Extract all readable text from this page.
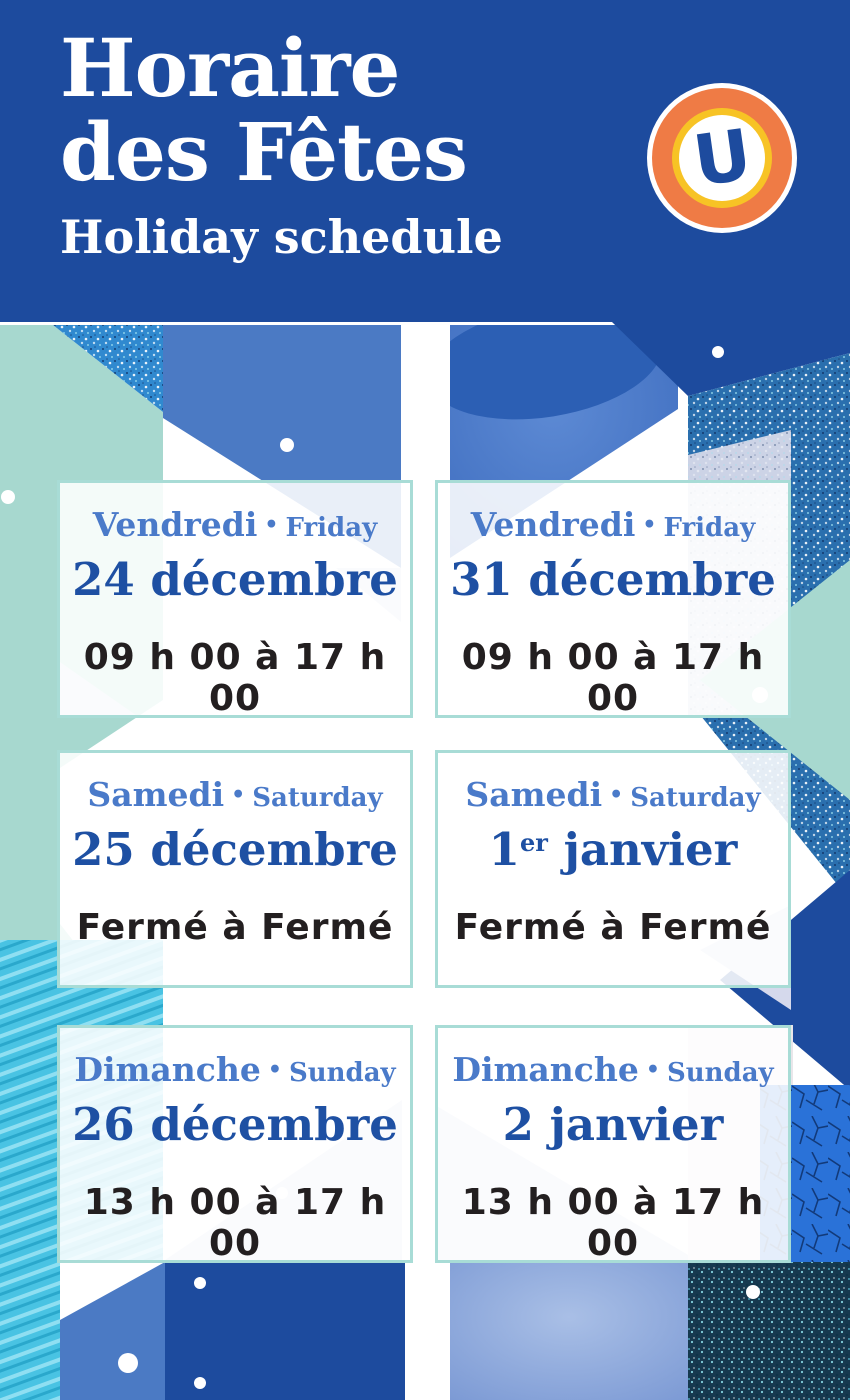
Horaire
des Fêtes
Holiday schedule
U
Vendredi • Friday
24 décembre
09 h 00 à 17 h 00
Vendredi • Friday
31 décembre
09 h 00 à 17 h 00
Samedi • Saturday
25 décembre
Fermé à Fermé
Samedi • Saturday
1er janvier
Fermé à Fermé
Dimanche • Sunday
26 décembre
13 h 00 à 17 h 00
Dimanche • Sunday
2 janvier
13 h 00 à 17 h 00
